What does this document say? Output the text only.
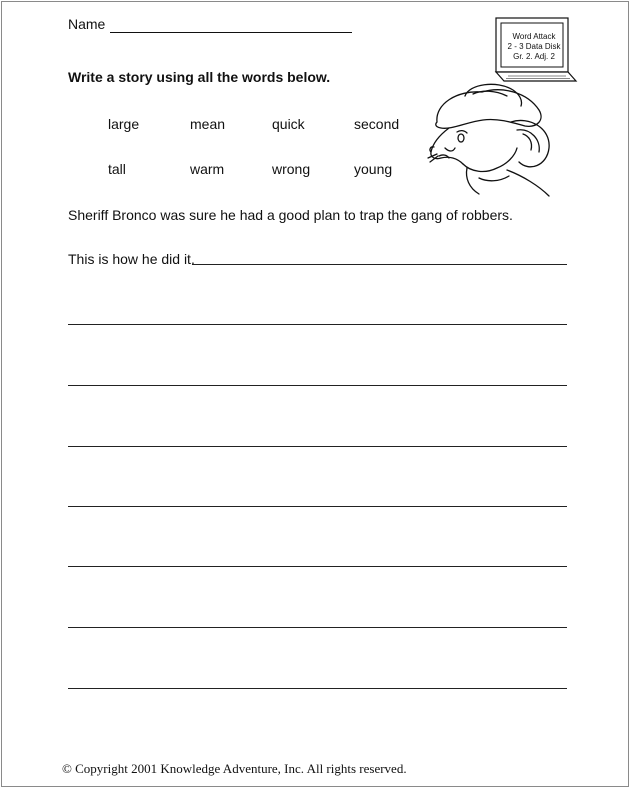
Name
Word Attack
2 - 3 Data Disk
Gr. 2. Adj. 2
Write a story using all the words below.
large	mean	quick	second
tall	warm	wrong	young
Sheriff Bronco was sure he had a good plan to trap the gang of robbers.
This is how he did it.
© Copyright 2001 Knowledge Adventure, Inc. All rights reserved.
